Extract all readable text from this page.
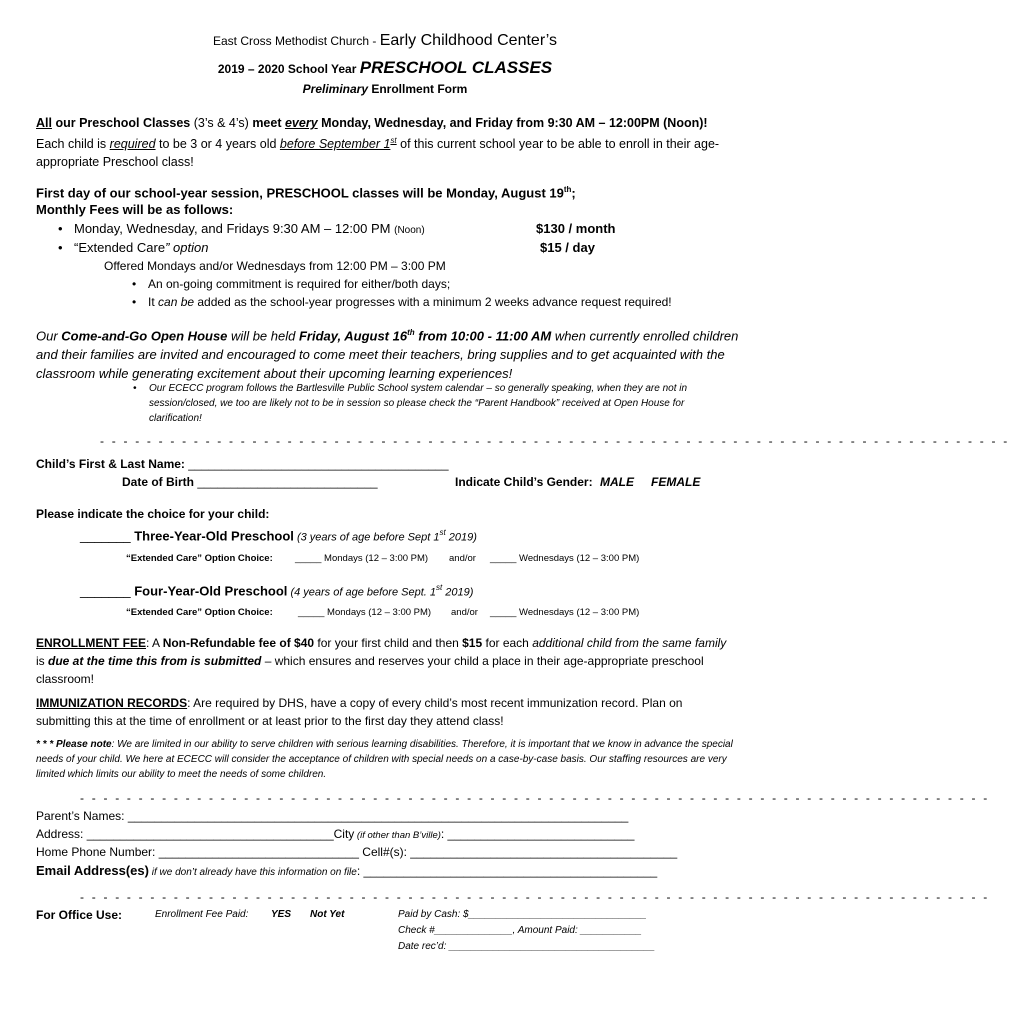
East Cross Methodist Church - Early Childhood Center’s
2019 – 2020 School Year PRESCHOOL CLASSES
Preliminary Enrollment Form
All our Preschool Classes (3’s & 4’s) meet every Monday, Wednesday, and Friday from 9:30 AM – 12:00PM (Noon)!
Each child is required to be 3 or 4 years old before September 1st of this current school year to be able to enroll in their age-appropriate Preschool class!
First day of our school-year session, PRESCHOOL classes will be Monday, August 19th;
Monthly Fees will be as follows:
Monday, Wednesday, and Fridays 9:30 AM – 12:00 PM (Noon)	$130 / month
“Extended Care” option	$15 / day
Offered Mondays and/or Wednesdays from 12:00 PM – 3:00 PM
An on-going commitment is required for either/both days;
It can be added as the school-year progresses with a minimum 2 weeks advance request required!
Our Come-and-Go Open House will be held Friday, August 16th from 10:00 - 11:00 AM when currently enrolled children and their families are invited and encouraged to come meet their teachers, bring supplies and to get acquainted with the classroom while generating excitement about their upcoming learning experiences!
Our ECECC program follows the Bartlesville Public School system calendar – so generally speaking, when they are not in session/closed, we too are likely not to be in session so please check the “Parent Handbook” received at Open House for clarification!
- - - - - - - - - - - - - - - - - - - - - - - - - - - - - - - - - - - - - - - - - - - - - - - - - - - - - - - - - - - - - - - - - - - - - - - - - - - - - -
Child’s First & Last Name: _______________________________________
Date of Birth ___________________________	Indicate Child’s Gender: MALE FEMALE
Please indicate the choice for your child:
_______ Three-Year-Old Preschool (3 years of age before Sept 1st 2019)
“Extended Care” Option Choice: _____ Mondays (12 – 3:00 PM) and/or _____ Wednesdays (12 – 3:00 PM)
_______ Four-Year-Old Preschool (4 years of age before Sept. 1st 2019)
“Extended Care” Option Choice:	_____ Mondays (12 – 3:00 PM) and/or _____ Wednesdays (12 – 3:00 PM)
ENROLLMENT FEE: A Non-Refundable fee of $40 for your first child and then $15 for each additional child from the same family is due at the time this from is submitted – which ensures and reserves your child a place in their age-appropriate preschool classroom!
IMMUNIZATION RECORDS: Are required by DHS, have a copy of every child’s most recent immunization record. Plan on submitting this at the time of enrollment or at least prior to the first day they attend class!
* * * Please note: We are limited in our ability to serve children with serious learning disabilities. Therefore, it is important that we know in advance the special needs of your child. We here at ECECC will consider the acceptance of children with special needs on a case-by-case basis. Our staffing resources are very limited which limits our ability to meet the needs of some children.
- - - - - - - - - - - - - - - - - - - - - - - - - - - - - - - - - - - - - - - - - - - - - - - - - - - - - - - - - - - - - - - - - - - - - - - - - - - - - -
Parent’s Names: ___________________________________________________________________________
Address: _____________________________________City (if other than B’ville): ____________________________
Home Phone Number: ______________________________ Cell#(s): ________________________________________
Email Address(es) if we don’t already have this information on file: ____________________________________________
- - - - - - - - - - - - - - - - - - - - - - - - - - - - - - - - - - - - - - - - - - - - - - - - - - - - - - - - - - - - - - - - - - - - - - - - - - - - - -
For Office Use:	Enrollment Fee Paid: YES Not Yet	Paid by Cash: $________________________________
Check #______________, Amount Paid: ___________
Date rec’d: _____________________________________
